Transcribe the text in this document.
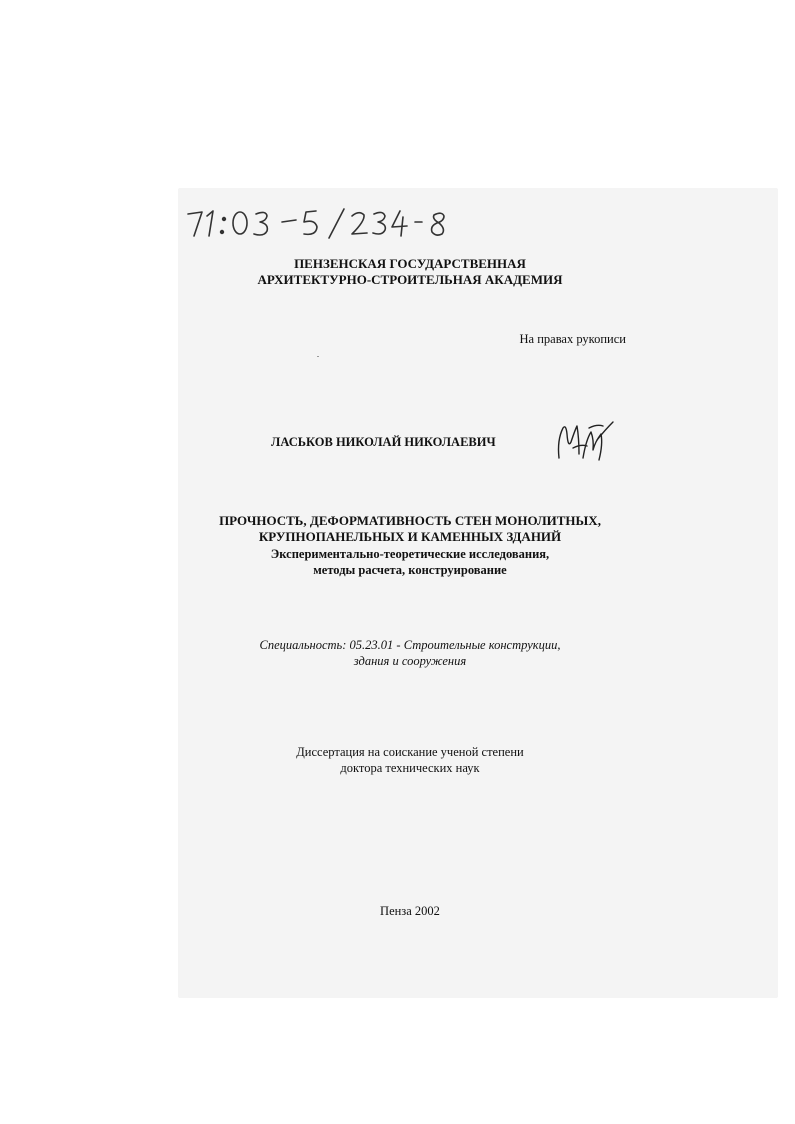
ПЕНЗЕНСКАЯ ГОСУДАРСТВЕННАЯ
АРХИТЕКТУРНО-СТРОИТЕЛЬНАЯ АКАДЕМИЯ
На правах рукописи
ЛАСЬКОВ НИКОЛАЙ НИКОЛАЕВИЧ
ПРОЧНОСТЬ, ДЕФОРМАТИВНОСТЬ СТЕН МОНОЛИТНЫХ,
КРУПНОПАНЕЛЬНЫХ И КАМЕННЫХ ЗДАНИЙ
Экспериментально-теоретические исследования,
методы расчета, конструирование
Специальность: 05.23.01 - Строительные конструкции,
здания и сооружения
Диссертация на соискание ученой степени
доктора технических наук
Пенза 2002
